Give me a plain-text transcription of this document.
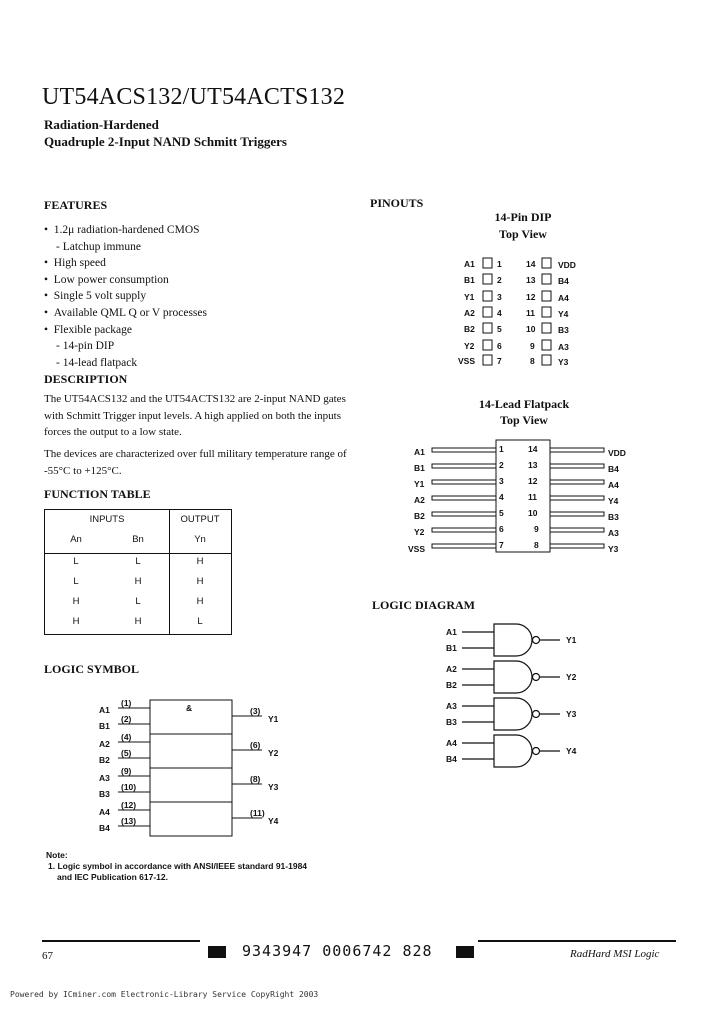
UT54ACS132/UT54ACTS132
Radiation-Hardened
Quadruple 2-Input NAND Schmitt Triggers
FEATURES
•  1.2μ radiation-hardened CMOS
- Latchup immune
•  High speed
•  Low power consumption
•  Single 5 volt supply
•  Available QML Q or V processes
•  Flexible package
- 14-pin DIP
- 14-lead flatpack
DESCRIPTION
The UT54ACS132 and the UT54ACTS132 are 2-input NAND gates with Schmitt Trigger input levels. A high applied on both the inputs forces the output to a low state.
The devices are characterized over full military temperature range of -55°C to +125°C.
FUNCTION TABLE
INPUTS	OUTPUT
An	Bn	Yn
L	L	H
L	H	H
H	L	H
H	H	L
LOGIC SYMBOL
&
A1
B1
A2
B2
A3
B3
A4
B4
(1)
(2)
(4)
(5)
(9)
(10)
(12)
(13)
(3)
(6)
(8)
(11)
Y1
Y2
Y3
Y4
Note:
1. Logic symbol in accordance with ANSI/IEEE standard 91-1984
and IEC Publication 617-12.
PINOUTS
14-Pin DIP
Top View
A1
B1
Y1
A2
B2
Y2
VSS
1
2
3
4
5
6
7
14
13
12
11
10
9
8
VDD
B4
A4
Y4
B3
A3
Y3
14-Lead Flatpack
Top View
A1
B1
Y1
A2
B2
Y2
VSS
1
2
3
4
5
6
7
14
13
12
11
10
9
8
VDD
B4
A4
Y4
B3
A3
Y3
LOGIC DIAGRAM
A1
B1
Y1
A2
B2
Y2
A3
B3
Y3
A4
B4
Y4
67	9343947 0006742 828	RadHard MSI Logic
Powered by ICminer.com Electronic-Library Service CopyRight 2003
